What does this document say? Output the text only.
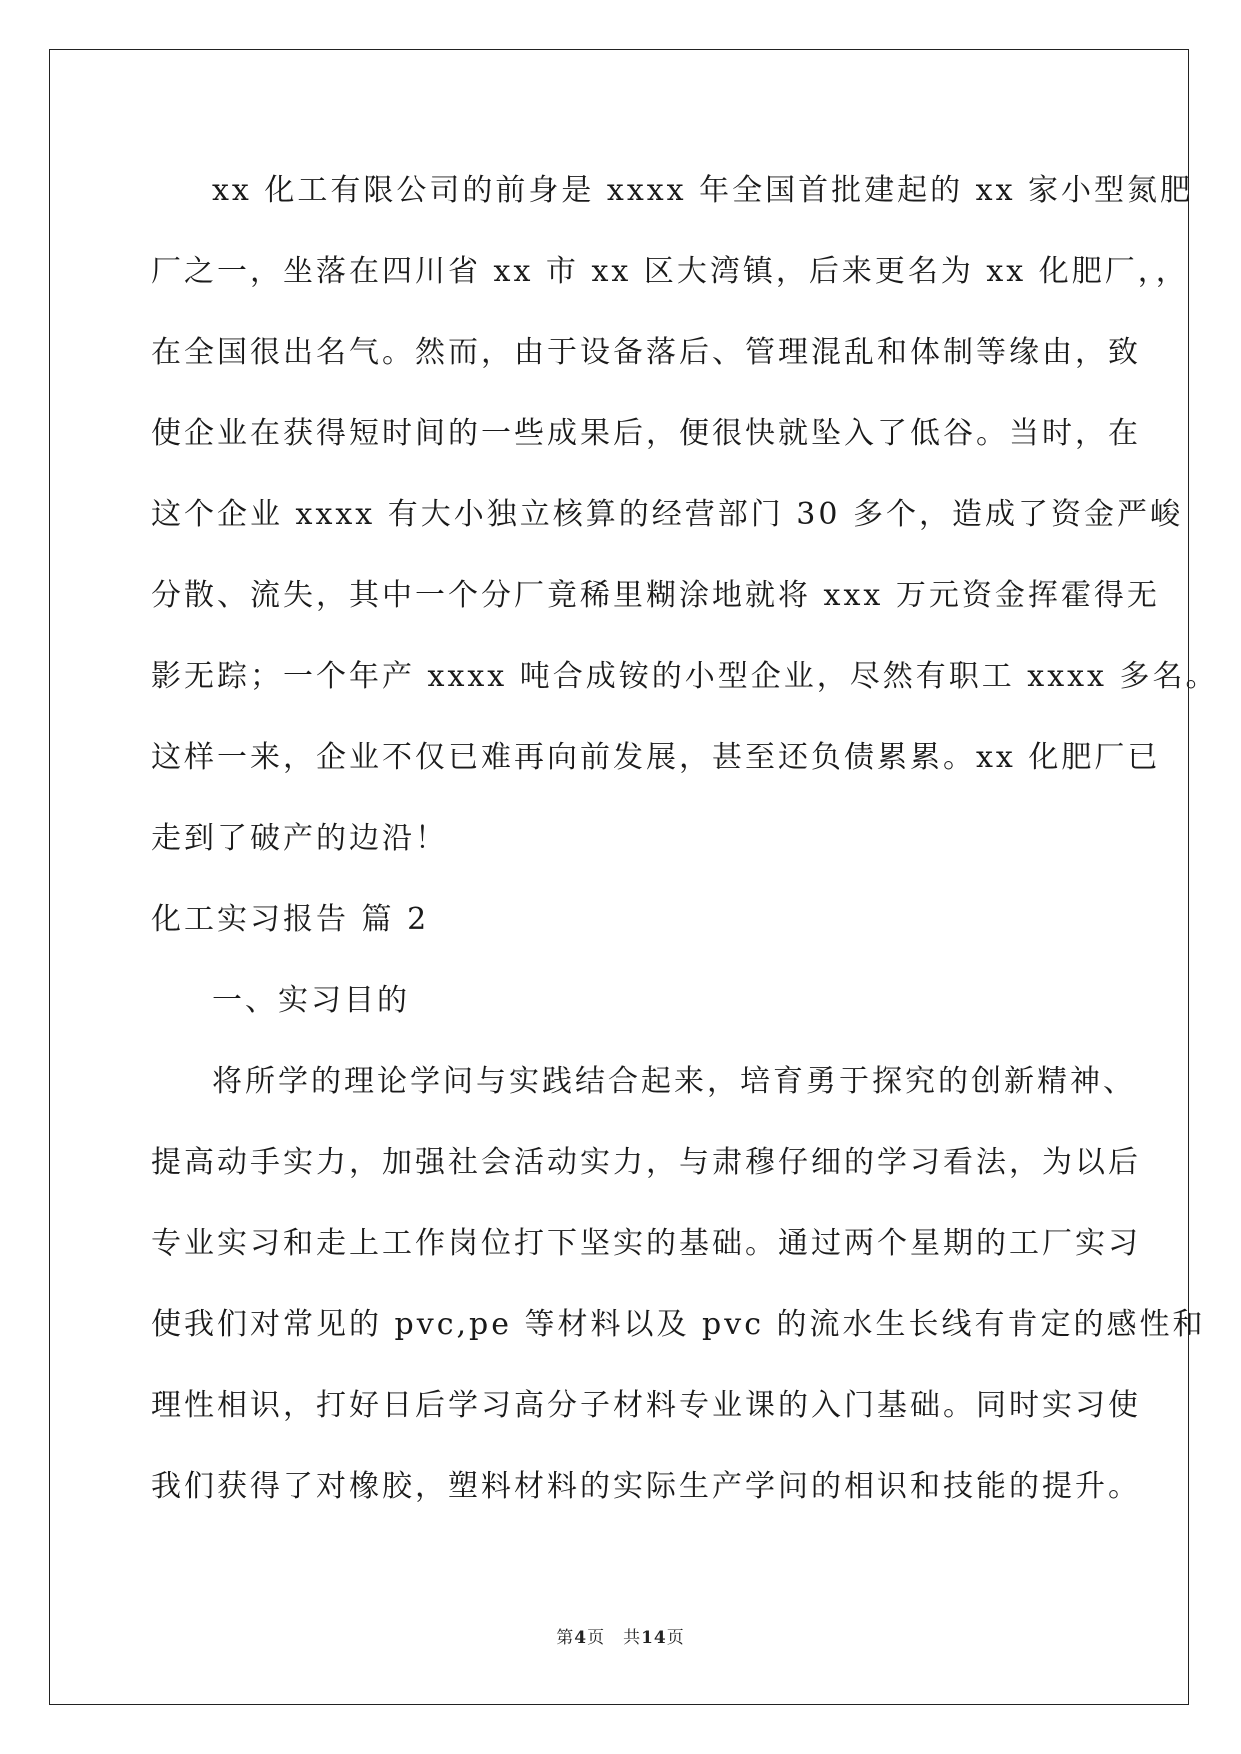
xx 化工有限公司的前身是 xxxx 年全国首批建起的 xx 家小型氮肥
厂之一，坐落在四川省 xx 市 xx 区大湾镇，后来更名为 xx 化肥厂，，
在全国很出名气。然而，由于设备落后、管理混乱和体制等缘由，致
使企业在获得短时间的一些成果后，便很快就坠入了低谷。当时，在
这个企业 xxxx 有大小独立核算的经营部门 30 多个，造成了资金严峻
分散、流失，其中一个分厂竟稀里糊涂地就将 xxx 万元资金挥霍得无
影无踪；一个年产 xxxx 吨合成铵的小型企业，尽然有职工 xxxx 多名。
这样一来，企业不仅已难再向前发展，甚至还负债累累。xx 化肥厂已
走到了破产的边沿！
化工实习报告 篇 2
一、实习目的
将所学的理论学问与实践结合起来，培育勇于探究的创新精神、
提高动手实力，加强社会活动实力，与肃穆仔细的学习看法，为以后
专业实习和走上工作岗位打下坚实的基础。通过两个星期的工厂实习
使我们对常见的 pvc,pe 等材料以及 pvc 的流水生长线有肯定的感性和
理性相识，打好日后学习高分子材料专业课的入门基础。同时实习使
我们获得了对橡胶，塑料材料的实际生产学问的相识和技能的提升。
第4页　共14页
